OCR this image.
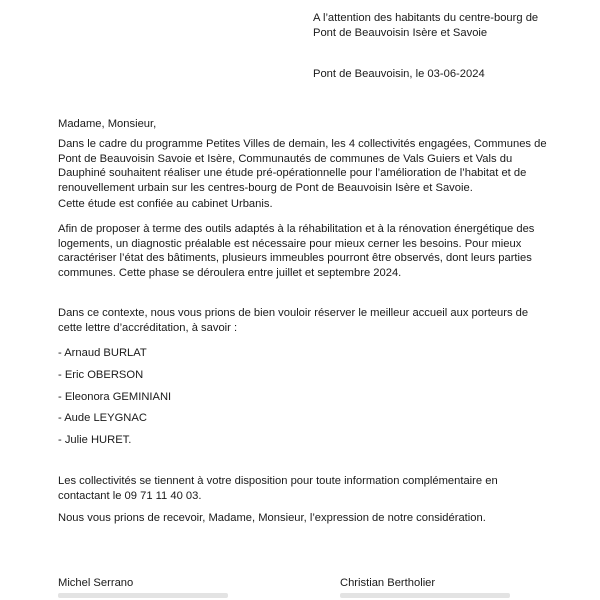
A l’attention des habitants du centre-bourg de
Pont de Beauvoisin Isère et Savoie
Pont de Beauvoisin, le 03-06-2024
Madame, Monsieur,
Dans le cadre du programme Petites Villes de demain, les 4 collectivités engagées, Communes de
Pont de Beauvoisin Savoie et Isère, Communautés de communes de Vals Guiers et Vals du
Dauphiné souhaitent réaliser une étude pré-opérationnelle pour l’amélioration de l’habitat et de
renouvellement urbain sur les centres-bourg de Pont de Beauvoisin Isère et Savoie.
Cette étude est confiée au cabinet Urbanis.
Afin de proposer à terme des outils adaptés à la réhabilitation et à la rénovation énergétique des
logements, un diagnostic préalable est nécessaire pour mieux cerner les besoins. Pour mieux
caractériser l’état des bâtiments, plusieurs immeubles pourront être observés, dont leurs parties
communes. Cette phase se déroulera entre juillet et septembre 2024.
Dans ce contexte, nous vous prions de bien vouloir réserver le meilleur accueil aux porteurs de
cette lettre d’accréditation, à savoir :
- Arnaud BURLAT
- Eric OBERSON
- Eleonora GEMINIANI
- Aude LEYGNAC
- Julie HURET.
Les collectivités se tiennent à votre disposition pour toute information complémentaire en
contactant le 09 71 11 40 03.
Nous vous prions de recevoir, Madame, Monsieur, l’expression de notre considération.
Michel Serrano	Christian Bertholier
